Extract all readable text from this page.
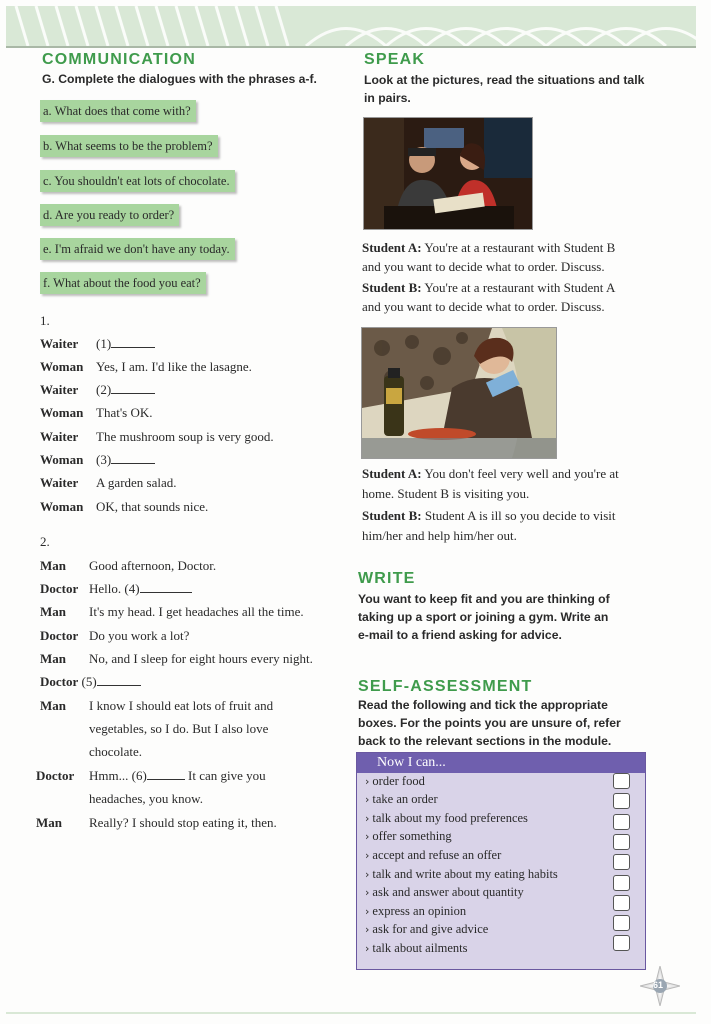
COMMUNICATION

G. Complete the dialogues with the phrases a-f.

a. What does that come with?
b. What seems to be the problem?
c. You shouldn't eat lots of chocolate.
d. Are you ready to order?
e. I'm afraid we don't have any today.
f. What about the food you eat?
1.
Waiter (1)
Woman Yes, I am. I'd like the lasagne.
Waiter (2)
Woman That's OK.
Waiter The mushroom soup is very good.
Woman (3)
Waiter A garden salad.
Woman OK, that sounds nice.
2.
Man Good afternoon, Doctor.
Doctor Hello. (4)
Man It's my head. I get headaches all the time.
Doctor Do you work a lot?
Man No, and I sleep for eight hours every night.
Doctor (5)
Man I know I should eat lots of fruit and
vegetables, so I do. But I also love
chocolate.
Doctor Hmm... (6)	It can give you
headaches, you know.
Man Really? I should stop eating it, then.
SPEAK

Look at the pictures, read the situations and talk

in pairs.

Student A: You're at a restaurant with Student B
and you want to decide what to order. Discuss.

Student B: You're at a restaurant with Student A
and you want to decide what to order. Discuss.

Student A: You don't feel very well and you're at
home. Student B is visiting you.

Student B: Student A is ill so you decide to visit
him/her and help him/her out.

WRITE

You want to keep fit and you are thinking of

taking up a sport or joining a gym. Write an

e-mail to a friend asking for advice.

SELF-ASSESSMENT

Read the following and tick the appropriate

boxes. For the points you are unsure of, refer

back to the relevant sections in the module.

Now I can...
› order food
› take an order
› talk about my food preferences
› offer something
› accept and refuse an offer
› talk and write about my eating habits
› ask and answer about quantity
› express an opinion
› ask for and give advice
› talk about ailments
61
